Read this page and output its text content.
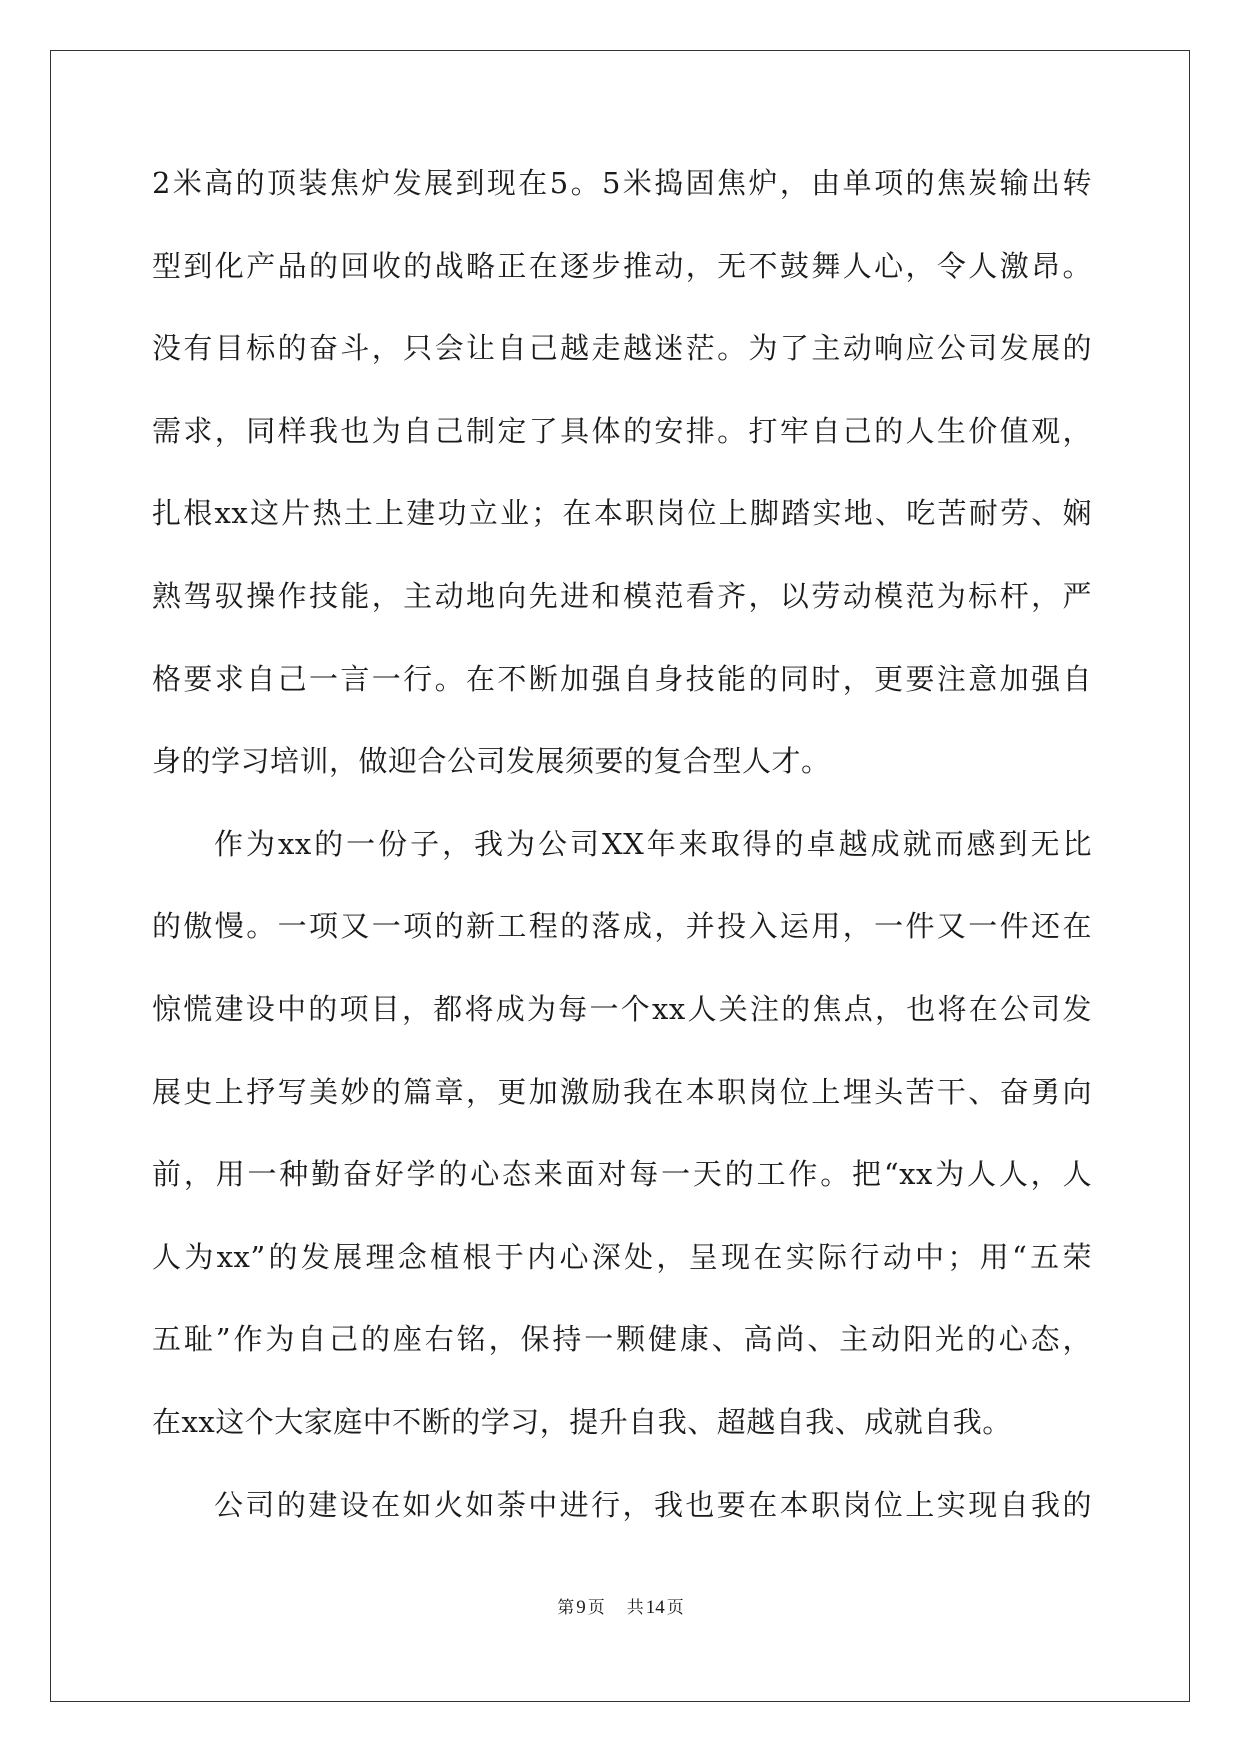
2米高的顶装焦炉发展到现在5。5米捣固焦炉，由单项的焦炭输出转
型到化产品的回收的战略正在逐步推动，无不鼓舞人心，令人激昂。
没有目标的奋斗，只会让自己越走越迷茫。为了主动响应公司发展的
需求，同样我也为自己制定了具体的安排。打牢自己的人生价值观，
扎根xx这片热土上建功立业；在本职岗位上脚踏实地、吃苦耐劳、娴
熟驾驭操作技能，主动地向先进和模范看齐，以劳动模范为标杆，严
格要求自己一言一行。在不断加强自身技能的同时，更要注意加强自
身的学习培训，做迎合公司发展须要的复合型人才。
作为xx的一份子，我为公司XX年来取得的卓越成就而感到无比
的傲慢。一项又一项的新工程的落成，并投入运用，一件又一件还在
惊慌建设中的项目，都将成为每一个xx人关注的焦点，也将在公司发
展史上抒写美妙的篇章，更加激励我在本职岗位上埋头苦干、奋勇向
前，用一种勤奋好学的心态来面对每一天的工作。把“xx为人人，人
人为xx”的发展理念植根于内心深处，呈现在实际行动中；用“五荣
五耻”作为自己的座右铭，保持一颗健康、高尚、主动阳光的心态，
在xx这个大家庭中不断的学习，提升自我、超越自我、成就自我。
公司的建设在如火如荼中进行，我也要在本职岗位上实现自我的
第 9 页 共 14 页
